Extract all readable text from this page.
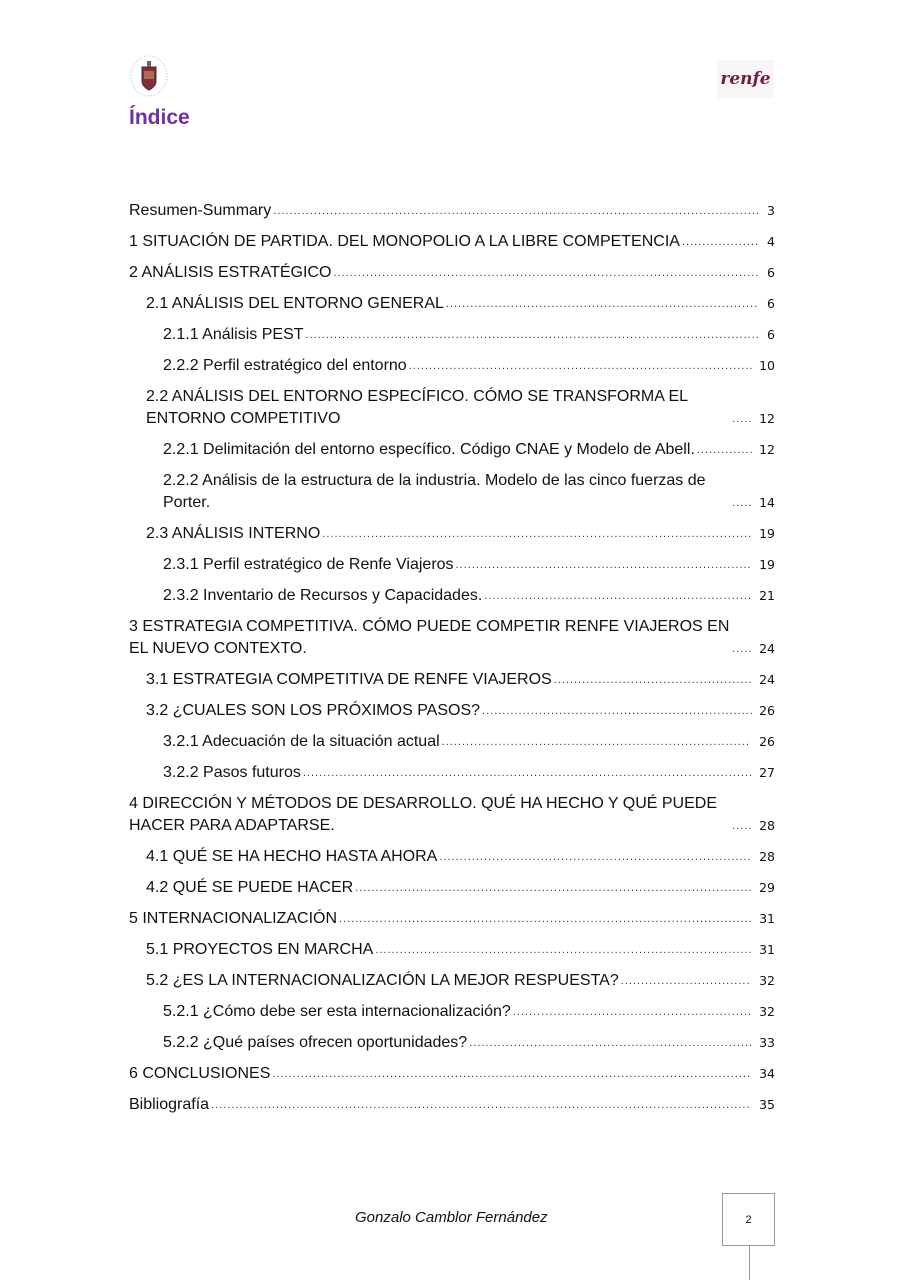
renfe
Índice
Resumen-Summary ........................................................................................................................ 3
1 SITUACIÓN DE PARTIDA. DEL MONOPOLIO A LA LIBRE COMPETENCIA ................... 4
2 ANÁLISIS ESTRATÉGICO ......................................................................................................... 6
2.1 ANÁLISIS DEL ENTORNO GENERAL ............................................................................. 6
2.1.1 Análisis PEST ................................................................................................................ 6
2.2.2 Perfil estratégico del entorno ..................................................................................... 10
2.2 ANÁLISIS DEL ENTORNO ESPECÍFICO. CÓMO SE TRANSFORMA EL ENTORNO COMPETITIVO	..... 12
2.2.1 Delimitación del entorno específico. Código CNAE y Modelo de Abell. .............. 12
2.2.2 Análisis de la estructura de la industria. Modelo de las cinco fuerzas de Porter.	..... 14
2.3 ANÁLISIS INTERNO .......................................................................................................... 19
2.3.1 Perfil estratégico de Renfe Viajeros ......................................................................... 19
2.3.2 Inventario de Recursos y Capacidades. .................................................................. 21
3 ESTRATEGIA COMPETITIVA. CÓMO PUEDE COMPETIR RENFE VIAJEROS EN EL NUEVO CONTEXTO.	..... 24
3.1 ESTRATEGIA COMPETITIVA DE RENFE VIAJEROS ................................................. 24
3.2 ¿CUALES SON LOS PRÓXIMOS PASOS? ................................................................... 26
3.2.1 Adecuación de la situación actual ............................................................................ 26
3.2.2 Pasos futuros ............................................................................................................... 27
4 DIRECCIÓN Y MÉTODOS DE DESARROLLO. QUÉ HA HECHO Y QUÉ PUEDE HACER PARA ADAPTARSE.	..... 28
4.1 QUÉ SE HA HECHO HASTA AHORA ............................................................................. 28
4.2 QUÉ SE PUEDE HACER .................................................................................................. 29
5 INTERNACIONALIZACIÓN ...................................................................................................... 31
5.1 PROYECTOS EN MARCHA ............................................................................................. 31
5.2 ¿ES LA INTERNACIONALIZACIÓN LA MEJOR RESPUESTA? ................................ 32
5.2.1 ¿Cómo debe ser esta internacionalización? ........................................................... 32
5.2.2 ¿Qué países ofrecen oportunidades? ...................................................................... 33
6 CONCLUSIONES ...................................................................................................................... 34
Bibliografía ..................................................................................................................................... 35
Gonzalo Camblor Fernández	2
